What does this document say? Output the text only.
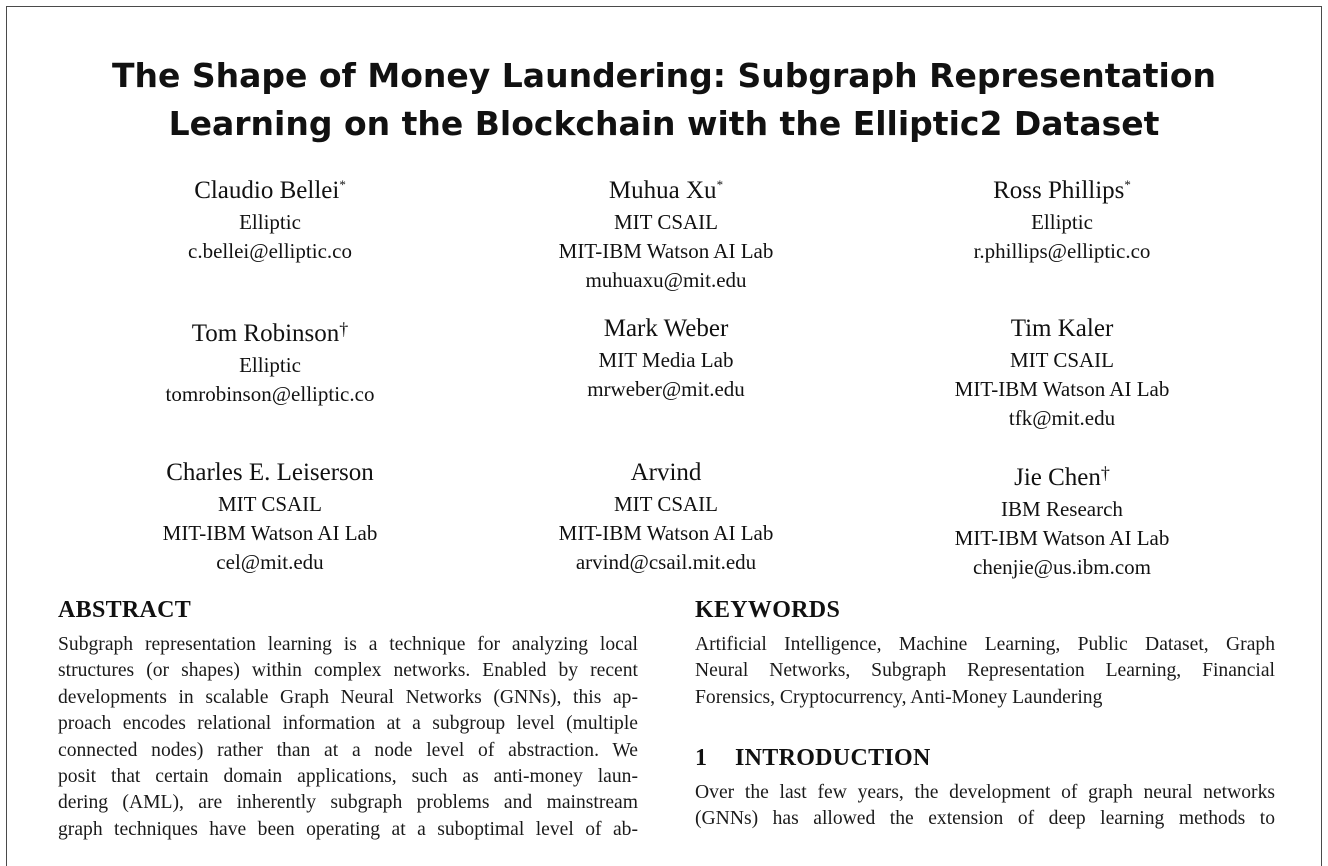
The Shape of Money Laundering: Subgraph Representation
Learning on the Blockchain with the Elliptic2 Dataset
Claudio Bellei*
Elliptic
c.bellei@elliptic.co
Muhua Xu*
MIT CSAIL
MIT-IBM Watson AI Lab
muhuaxu@mit.edu
Ross Phillips*
Elliptic
r.phillips@elliptic.co
Tom Robinson†
Elliptic
tomrobinson@elliptic.co
Mark Weber
MIT Media Lab
mrweber@mit.edu
Tim Kaler
MIT CSAIL
MIT-IBM Watson AI Lab
tfk@mit.edu
Charles E. Leiserson
MIT CSAIL
MIT-IBM Watson AI Lab
cel@mit.edu
Arvind
MIT CSAIL
MIT-IBM Watson AI Lab
arvind@csail.mit.edu
Jie Chen†
IBM Research
MIT-IBM Watson AI Lab
chenjie@us.ibm.com
ABSTRACT
Subgraph representation learning is a technique for analyzing local
structures (or shapes) within complex networks. Enabled by recent
developments in scalable Graph Neural Networks (GNNs), this ap-
proach encodes relational information at a subgroup level (multiple
connected nodes) rather than at a node level of abstraction. We
posit that certain domain applications, such as anti-money laun-
dering (AML), are inherently subgraph problems and mainstream
graph techniques have been operating at a suboptimal level of ab-
KEYWORDS
Artificial Intelligence, Machine Learning, Public Dataset, Graph
Neural Networks, Subgraph Representation Learning, Financial
Forensics, Cryptocurrency, Anti-Money Laundering
1 INTRODUCTION
Over the last few years, the development of graph neural networks
(GNNs) has allowed the extension of deep learning methods to
